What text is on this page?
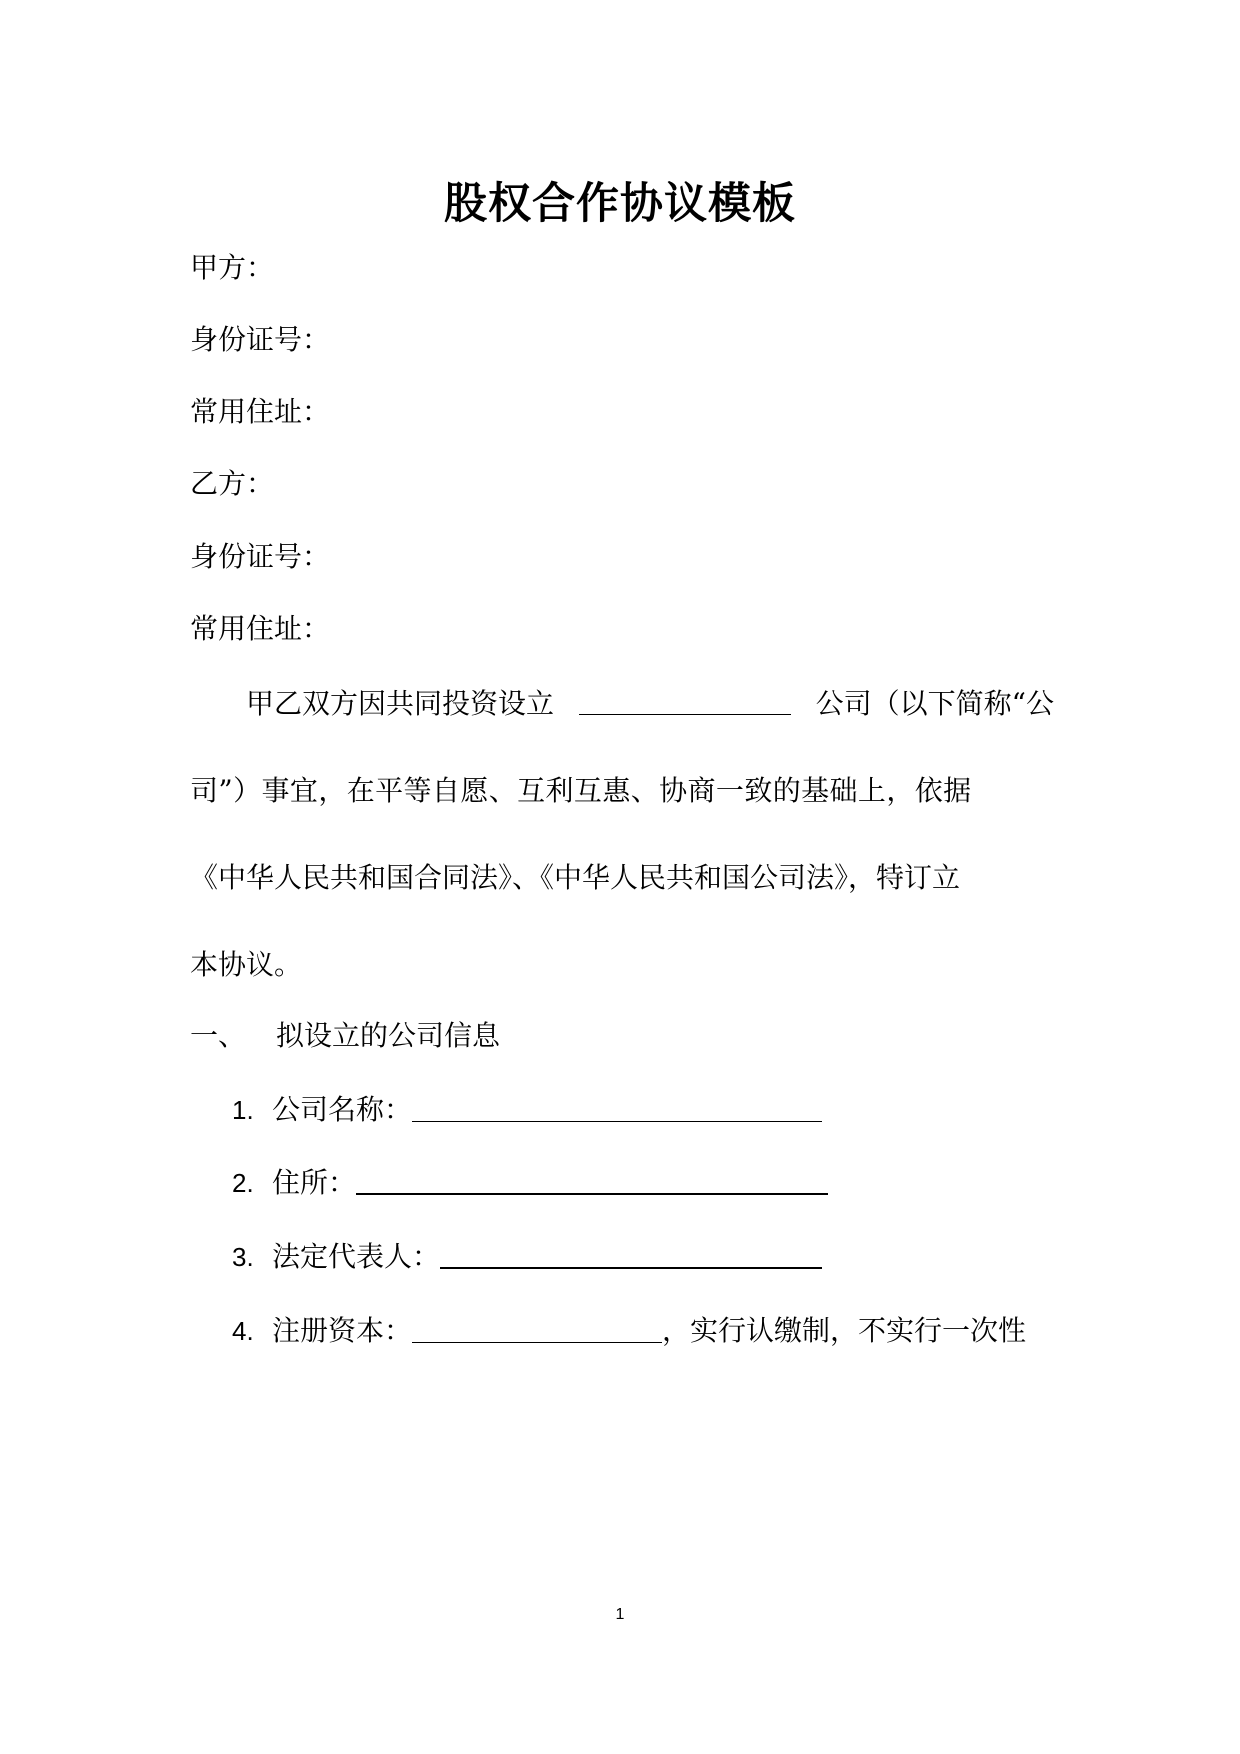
股权合作协议模板
甲方：
身份证号：
常用住址：
乙方：
身份证号：
常用住址：
甲乙双方因共同投资设立	公司（以下简称“公
司”）事宜，在平等自愿、互利互惠、协商一致的基础上，依据
《中华人民共和国合同法》、《中华人民共和国公司法》，特订立
本协议。
一、 拟设立的公司信息
1. 公司名称：
2. 住所：
3. 法定代表人：
4. 注册资本：	，实行认缴制，不实行一次性
1
